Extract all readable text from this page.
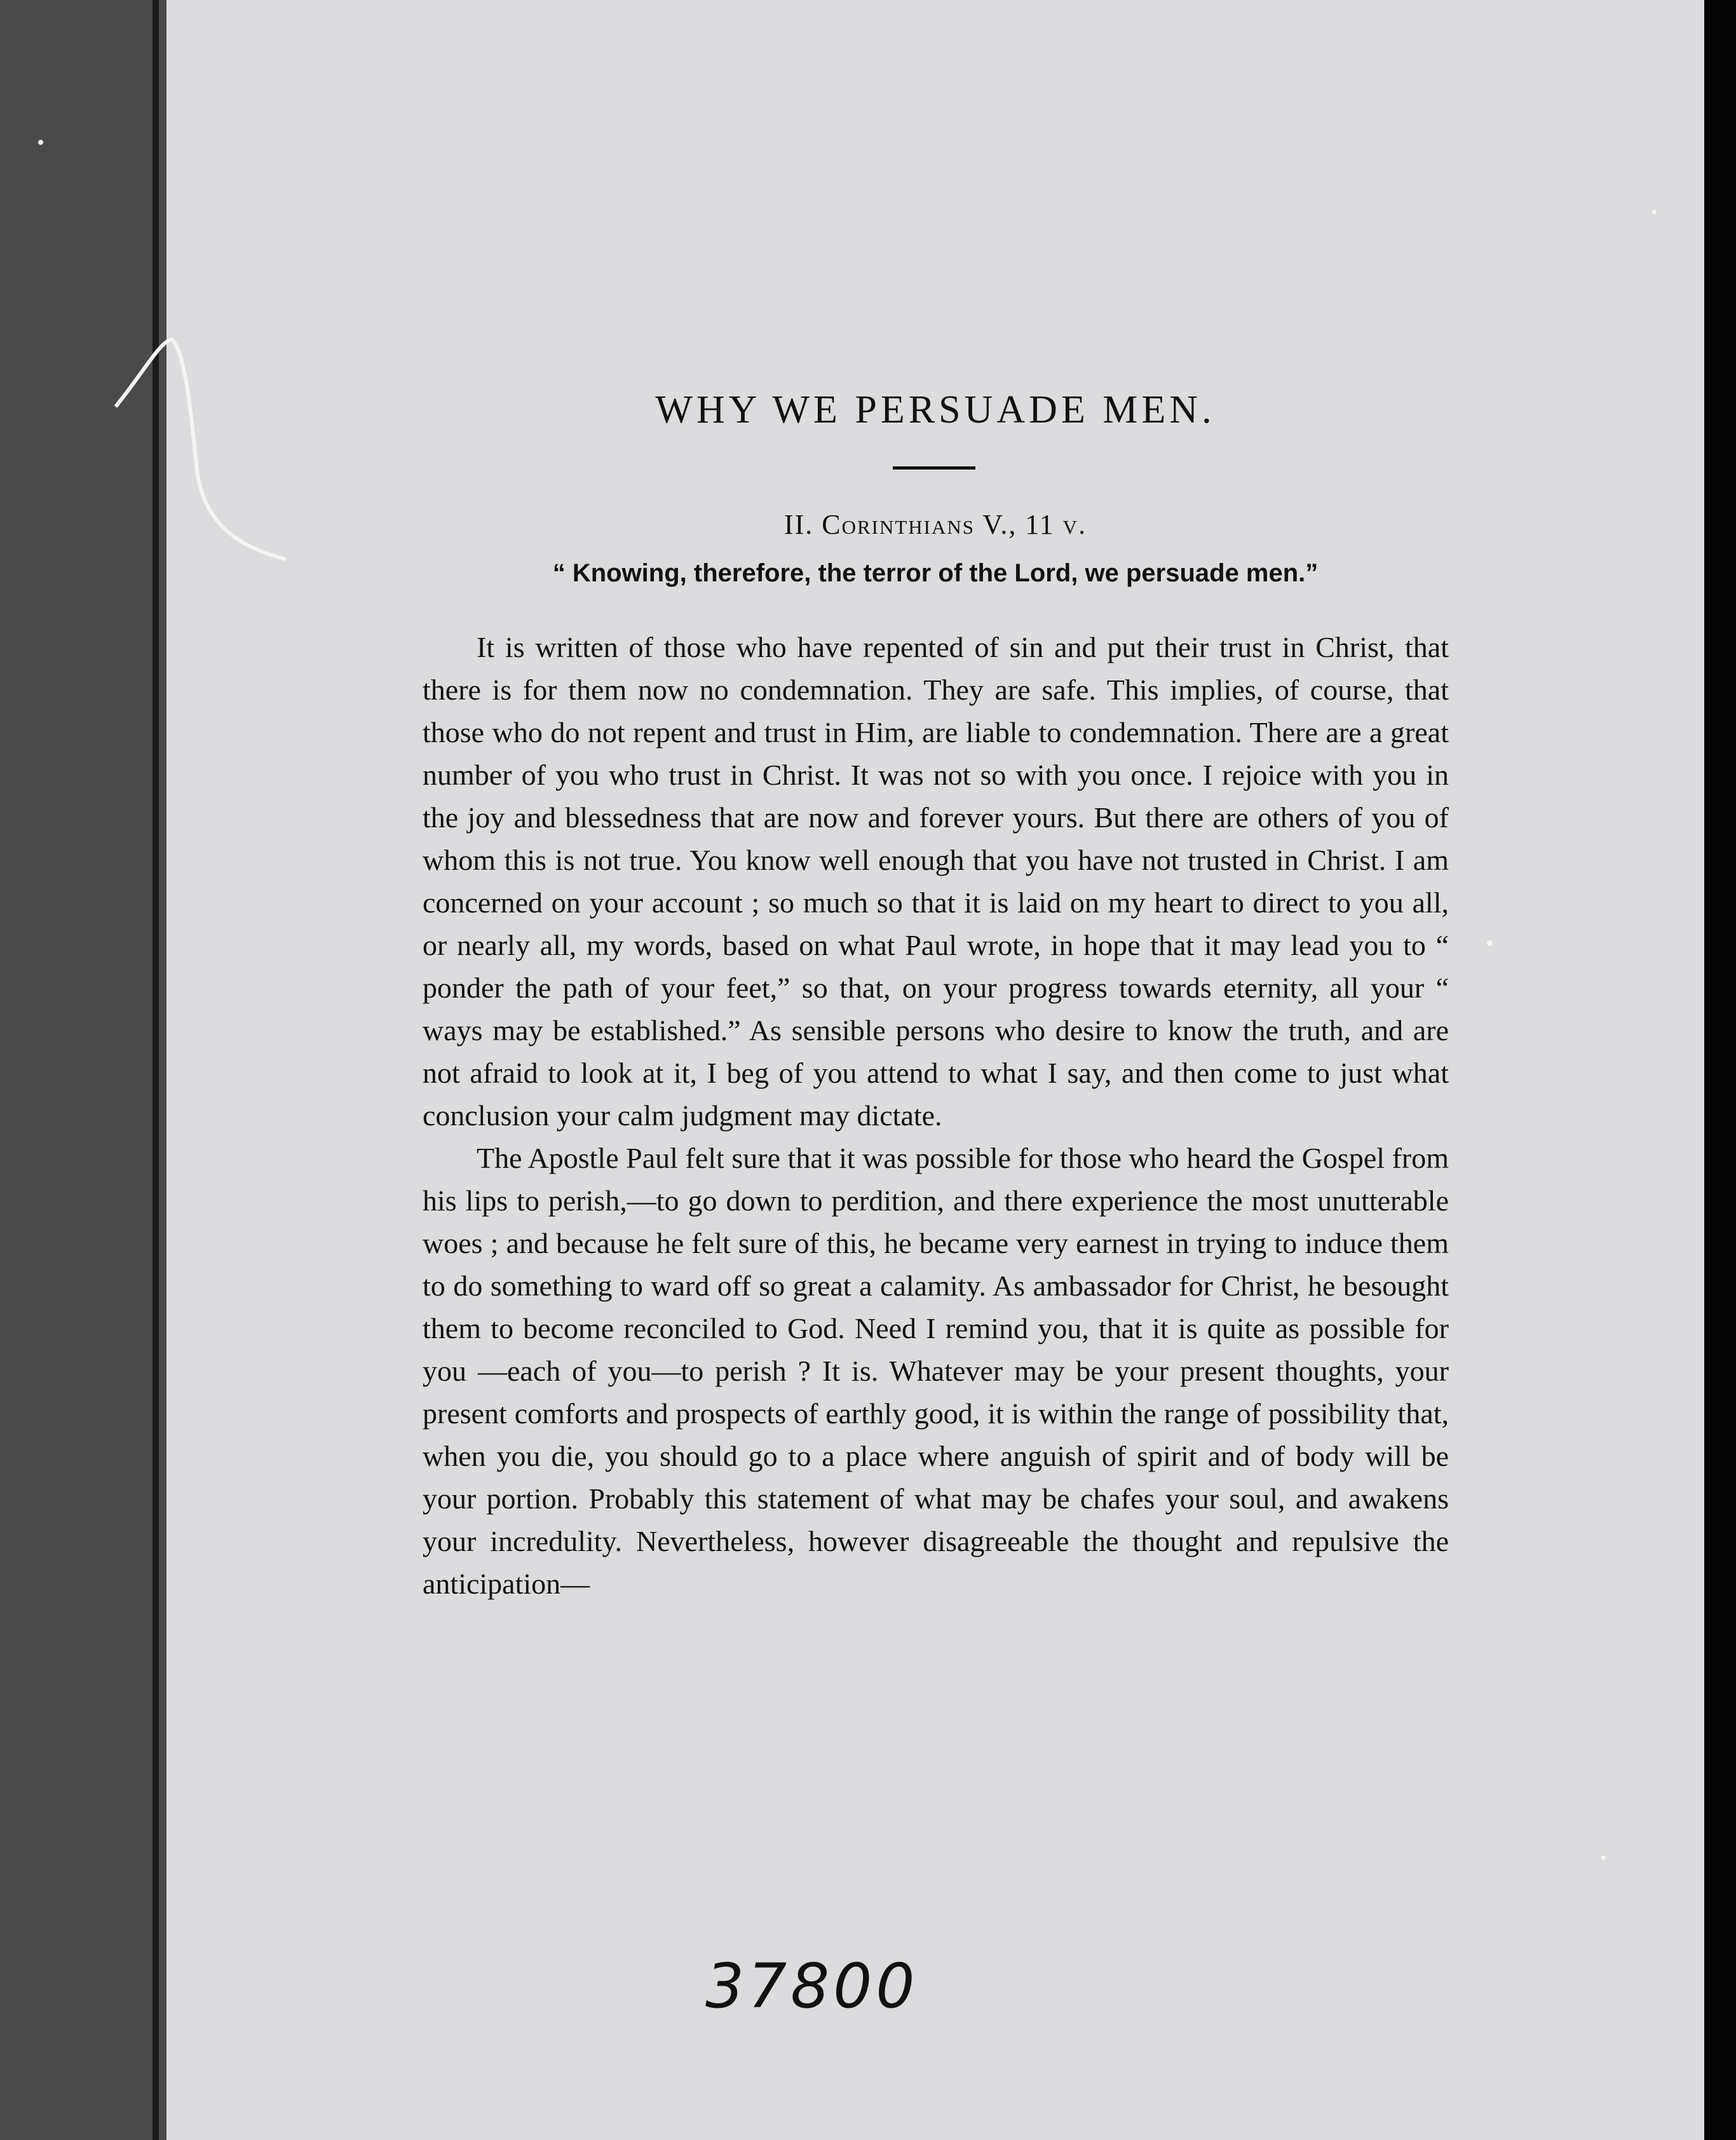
WHY WE PERSUADE MEN.
II. Corinthians V., 11 v.
“ Knowing, therefore, the terror of the Lord, we persuade men.”

It is written of those who have repented of sin and put their trust in Christ, that there is for them now no condemnation. They are safe. This implies, of course, that those who do not repent and trust in Him, are liable to condemnation. There are a great number of you who trust in Christ. It was not so with you once. I rejoice with you in the joy and blessedness that are now and forever yours. But there are others of you of whom this is not true. You know well enough that you have not trusted in Christ. I am concerned on your account ; so much so that it is laid on my heart to direct to you all, or nearly all, my words, based on what Paul wrote, in hope that it may lead you to “ ponder the path of your feet,” so that, on your progress towards eternity, all your “ ways may be established.” As sensible persons who desire to know the truth, and are not afraid to look at it, I beg of you attend to what I say, and then come to just what conclusion your calm judgment may dictate.

The Apostle Paul felt sure that it was possible for those who heard the Gospel from his lips to perish,—to go down to perdition, and there experience the most unutterable woes ; and because he felt sure of this, he became very earnest in trying to induce them to do something to ward off so great a calamity. As ambassador for Christ, he besought them to become reconciled to God. Need I remind you, that it is quite as possible for you —each of you—to perish ? It is. Whatever may be your present thoughts, your present comforts and prospects of earthly good, it is within the range of possibility that, when you die, you should go to a place where anguish of spirit and of body will be your portion. Probably this statement of what may be chafes your soul, and awakens your incredulity. Nevertheless, however disagreeable the thought and repulsive the anticipation—

37800
